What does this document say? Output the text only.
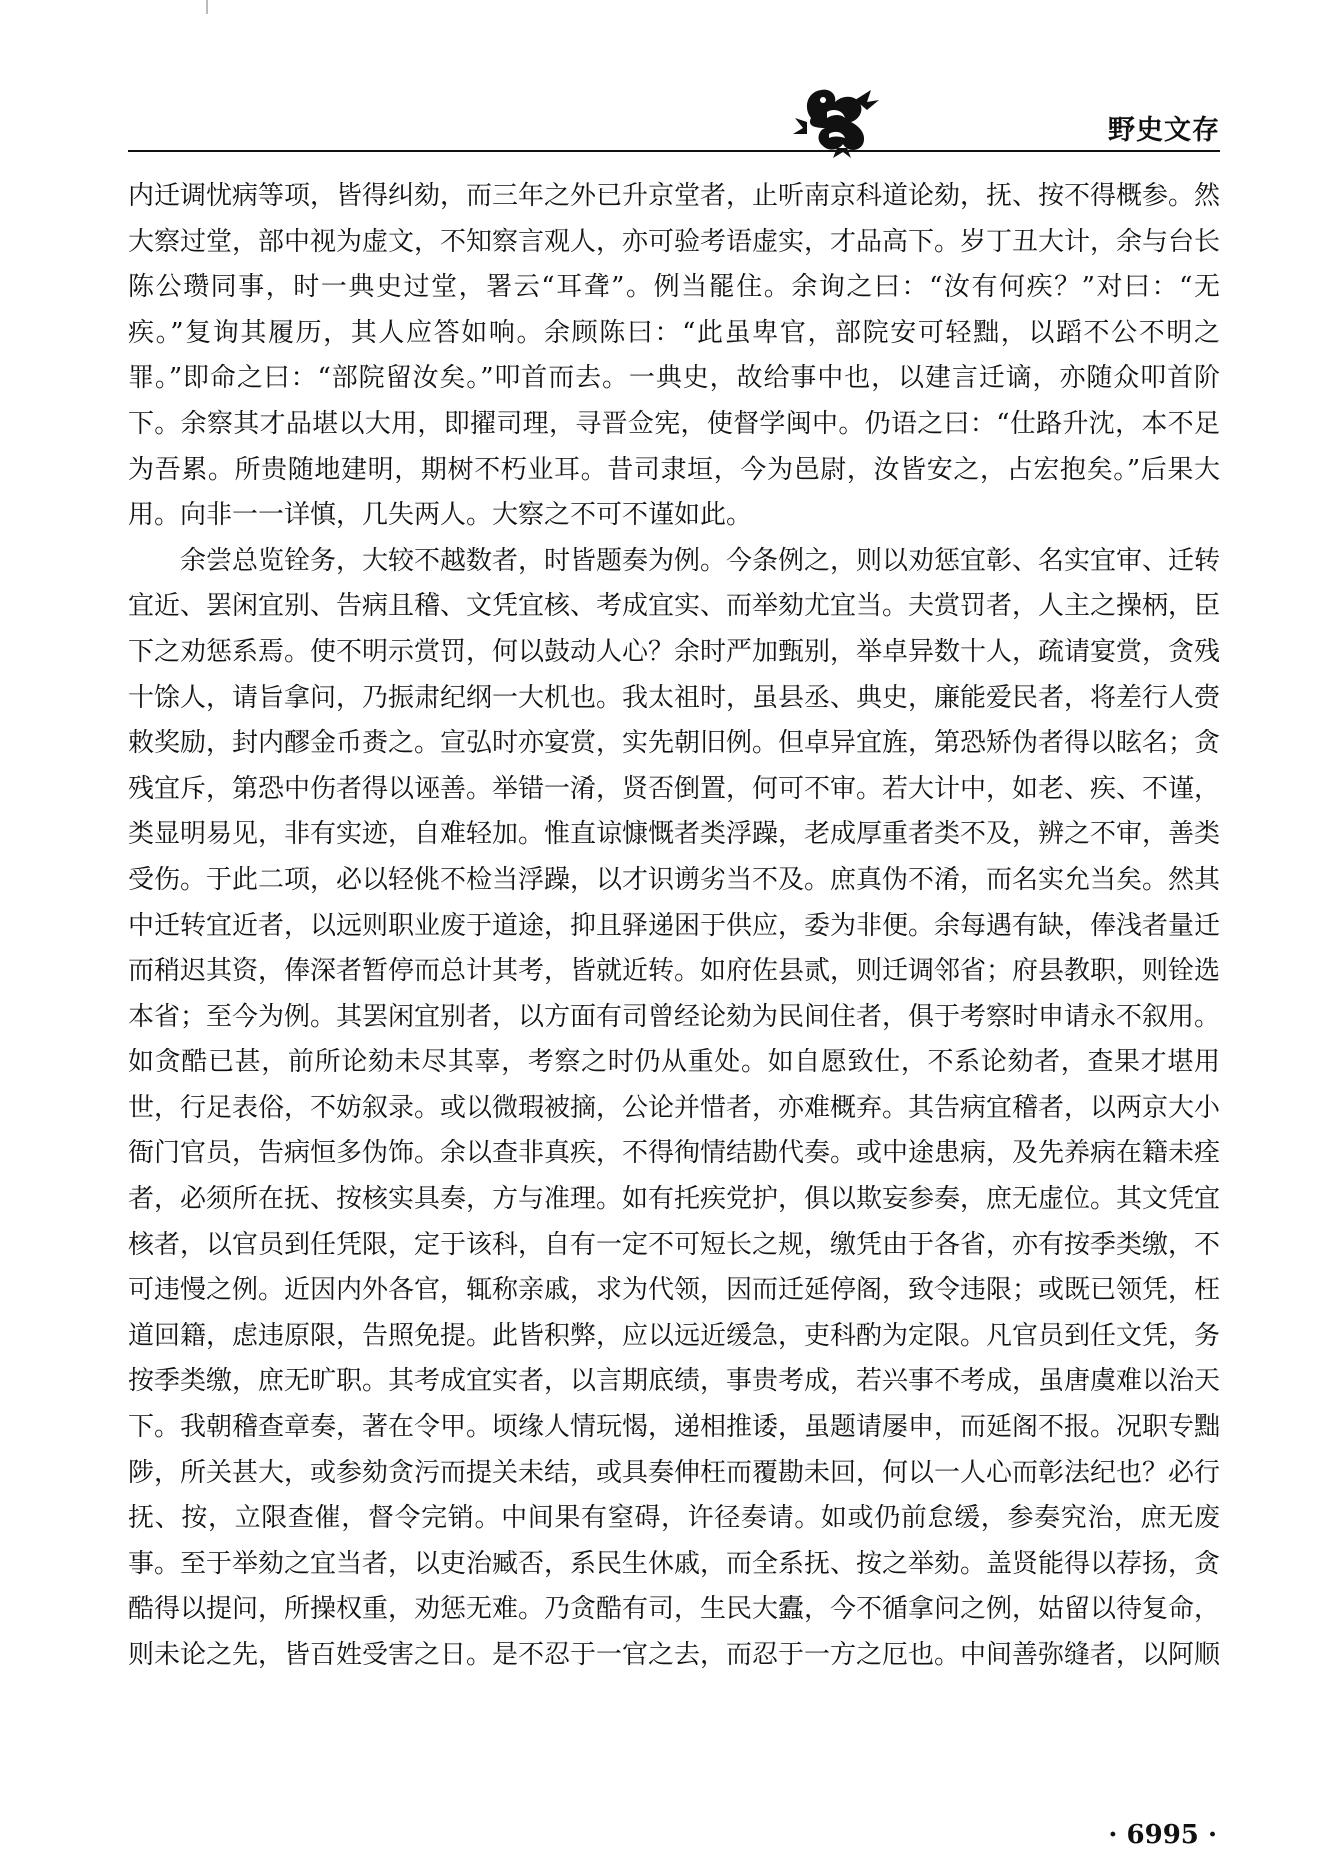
野史文存

内迁调忧病等项，皆得纠劾，而三年之外已升京堂者，止听南京科道论劾，抚、按不得概参。然大察过堂，部中视为虚文，不知察言观人，亦可验考语虚实，才品高下。岁丁丑大计，余与台长陈公瓒同事，时一典史过堂，署云“耳聋”。例当罷住。余询之曰：“汝有何疾？”对曰：“无疾。”复询其履历，其人应答如响。余顾陈曰：“此虽卑官，部院安可轻黜，以蹈不公不明之罪。”即命之曰：“部院留汝矣。”叩首而去。一典史，故给事中也，以建言迁谪，亦随众叩首阶下。余察其才品堪以大用，即擢司理，寻晋佥宪，使督学闽中。仍语之曰：“仕路升沈，本不足为吾累。所贵随地建明，期树不朽业耳。昔司隶垣，今为邑尉，汝皆安之，占宏抱矣。”后果大用。向非一一详慎，几失两人。大察之不可不谨如此。

余尝总览铨务，大较不越数者，时皆题奏为例。今条例之，则以劝惩宜彰、名实宜审、迁转宜近、罢闲宜别、告病且稽、文凭宜核、考成宜实、而举劾尤宜当。夫赏罚者，人主之操柄，臣下之劝惩系焉。使不明示赏罚，何以鼓动人心？余时严加甄别，举卓异数十人，疏请宴赏，贪残十馀人，请旨拿问，乃振肃纪纲一大机也。我太祖时，虽县丞、典史，廉能爱民者，将差行人赍敕奖励，封内醪金币赉之。宣弘时亦宴赏，实先朝旧例。但卓异宜旌，第恐矫伪者得以眩名；贪残宜斥，第恐中伤者得以诬善。举错一淆，贤否倒置，何可不审。若大计中，如老、疾、不谨，类显明易见，非有实迹，自难轻加。惟直谅慷慨者类浮躁，老成厚重者类不及，辨之不审，善类受伤。于此二项，必以轻佻不检当浮躁，以才识谫劣当不及。庶真伪不淆，而名实允当矣。然其中迁转宜近者，以远则职业废于道途，抑且驿递困于供应，委为非便。余每遇有缺，俸浅者量迁而稍迟其资，俸深者暂停而总计其考，皆就近转。如府佐县贰，则迁调邻省；府县教职，则铨选本省；至今为例。其罢闲宜别者，以方面有司曾经论劾为民间住者，俱于考察时申请永不叙用。如贪酷已甚，前所论劾未尽其辜，考察之时仍从重处。如自愿致仕，不系论劾者，查果才堪用世，行足表俗，不妨叙录。或以微瑕被摘，公论并惜者，亦难概弃。其告病宜稽者，以两京大小衙门官员，告病恒多伪饰。余以查非真疾，不得徇情结勘代奏。或中途患病，及先养病在籍未痊者，必须所在抚、按核实具奏，方与准理。如有托疾党护，俱以欺妄参奏，庶无虚位。其文凭宜核者，以官员到任凭限，定于该科，自有一定不可短长之规，缴凭由于各省，亦有按季类缴，不可违慢之例。近因内外各官，辄称亲戚，求为代领，因而迁延停阁，致令违限；或既已领凭，枉道回籍，虑违原限，告照免提。此皆积弊，应以远近缓急，吏科酌为定限。凡官员到任文凭，务按季类缴，庶无旷职。其考成宜实者，以言期底绩，事贵考成，若兴事不考成，虽唐虞难以治天下。我朝稽查章奏，著在令甲。顷缘人情玩愒，递相推诿，虽题请屡申，而延阁不报。况职专黜陟，所关甚大，或参劾贪污而提关未结，或具奏伸枉而覆勘未回，何以一人心而彰法纪也？必行抚、按，立限查催，督令完销。中间果有窒碍，许径奏请。如或仍前怠缓，参奏究治，庶无废事。至于举劾之宜当者，以吏治臧否，系民生休戚，而全系抚、按之举劾。盖贤能得以荐扬，贪酷得以提问，所操权重，劝惩无难。乃贪酷有司，生民大蠹，今不循拿问之例，姑留以待复命，则未论之先，皆百姓受害之日。是不忍于一官之去，而忍于一方之厄也。中间善弥缝者，以阿顺

· 6995 ·
